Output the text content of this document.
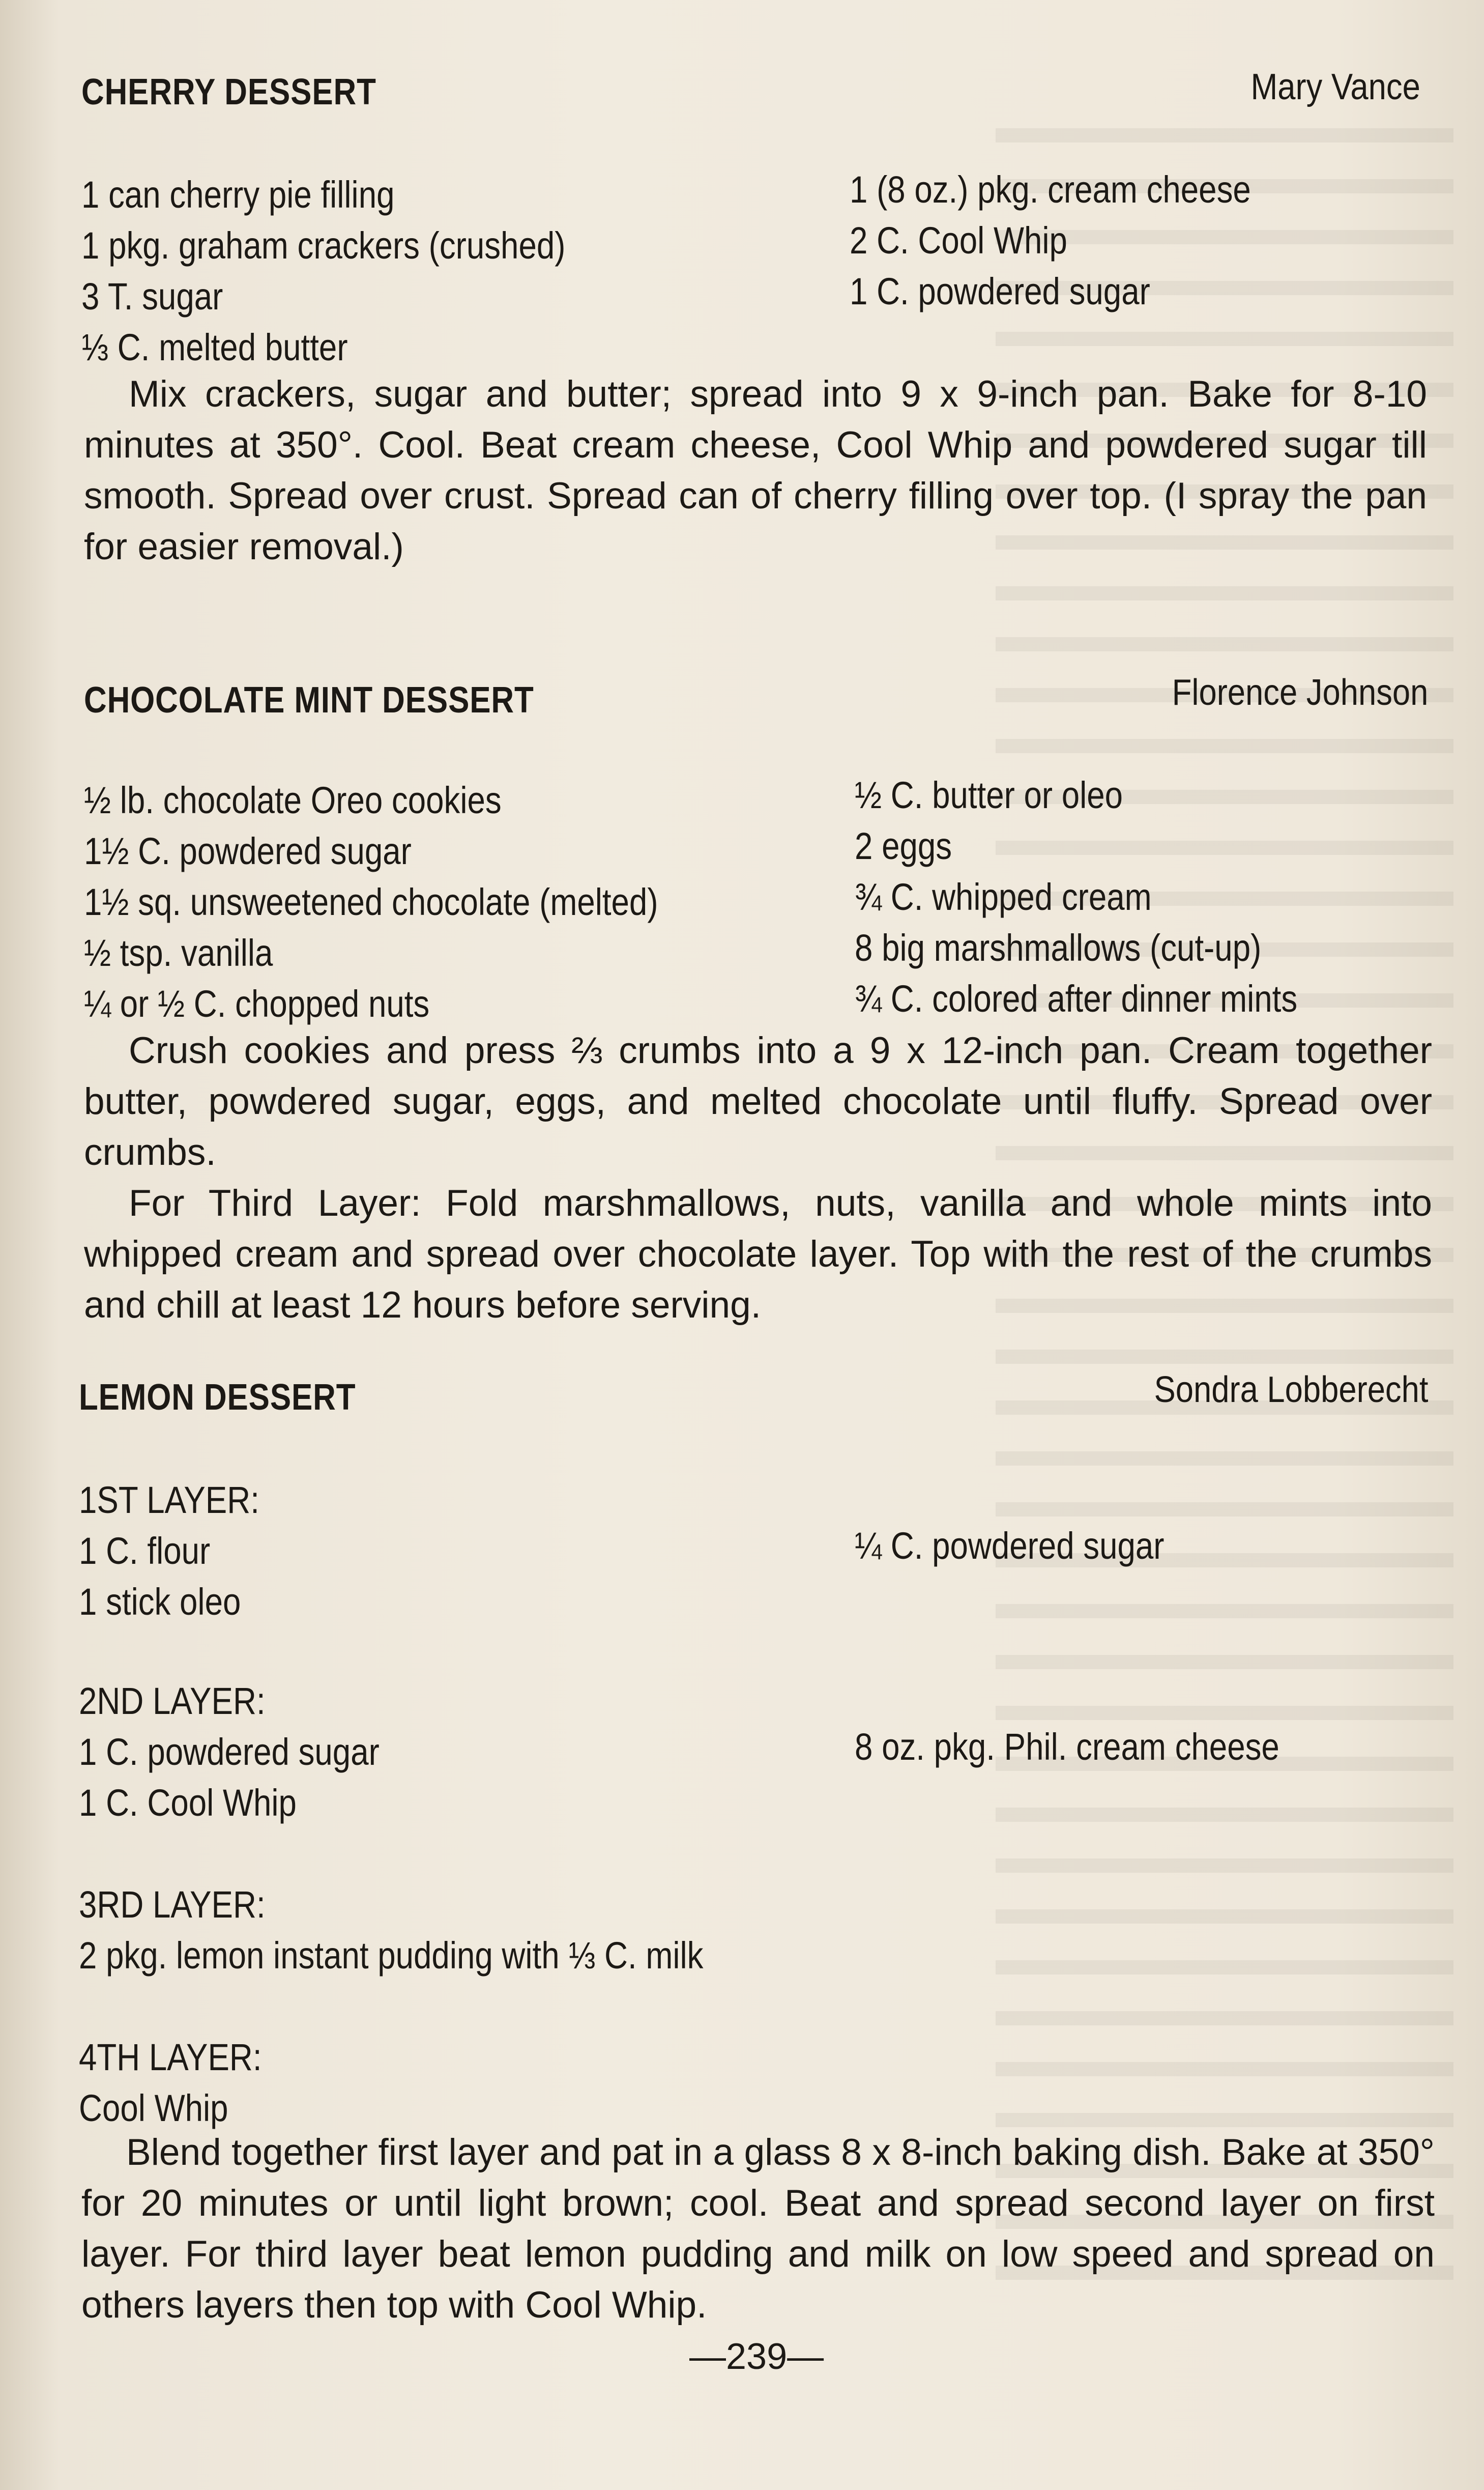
CHERRY DESSERT	Mary Vance
1 can cherry pie filling
1 pkg. graham crackers (crushed)
3 T. sugar
⅓ C. melted butter
1 (8 oz.) pkg. cream cheese
2 C. Cool Whip
1 C. powdered sugar

Mix crackers, sugar and butter; spread into 9 x 9-inch pan. Bake for 8-10 minutes at 350°. Cool. Beat cream cheese, Cool Whip and powdered sugar till smooth. Spread over crust. Spread can of cherry filling over top. (I spray the pan for easier removal.)

CHOCOLATE MINT DESSERT	Florence Johnson
½ lb. chocolate Oreo cookies
1½ C. powdered sugar
1½ sq. unsweetened chocolate (melted)
½ tsp. vanilla
¼ or ½ C. chopped nuts
½ C. butter or oleo
2 eggs
¾ C. whipped cream
8 big marshmallows (cut-up)
¾ C. colored after dinner mints

Crush cookies and press ⅔ crumbs into a 9 x 12-inch pan. Cream together butter, powdered sugar, eggs, and melted chocolate until fluffy. Spread over crumbs.

For Third Layer: Fold marshmallows, nuts, vanilla and whole mints into whipped cream and spread over chocolate layer. Top with the rest of the crumbs and chill at least 12 hours before serving.

LEMON DESSERT	Sondra Lobberecht
1ST LAYER:
1 C. flour
1 stick oleo
¼ C. powdered sugar
2ND LAYER:
1 C. powdered sugar
1 C. Cool Whip
8 oz. pkg. Phil. cream cheese
3RD LAYER:
2 pkg. lemon instant pudding with ⅓ C. milk
4TH LAYER:
Cool Whip

Blend together first layer and pat in a glass 8 x 8-inch baking dish. Bake at 350° for 20 minutes or until light brown; cool. Beat and spread second layer on first layer. For third layer beat lemon pudding and milk on low speed and spread on others layers then top with Cool Whip.

—239—
